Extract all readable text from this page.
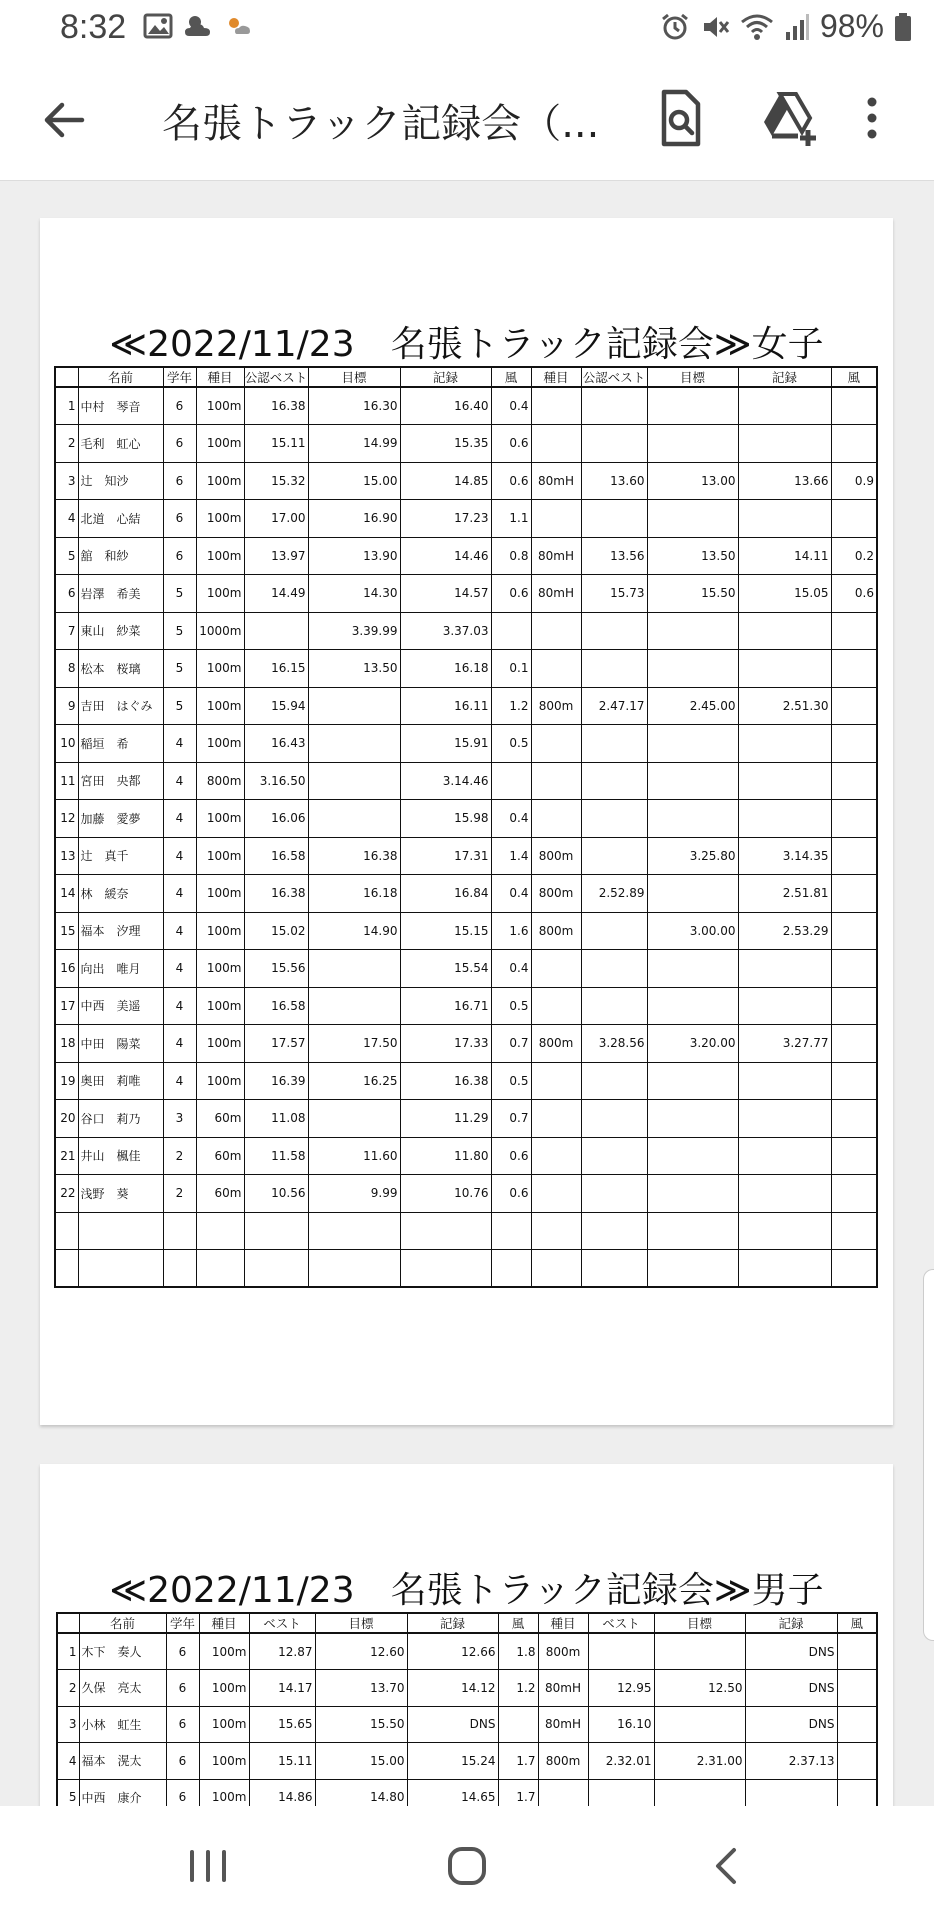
8:32	98%
名張トラック記録会（...
≪2022/11/23　名張トラック記録会≫女子
	名前	学年	種目	公認ベスト	目標	記録	風	種目	公認ベスト	目標	記録	風
1	中村　琴音	6	100m	16.38	16.30	16.40	0.4					
2	毛利　虹心	6	100m	15.11	14.99	15.35	0.6					
3	辻　知沙	6	100m	15.32	15.00	14.85	0.6	80mH	13.60	13.00	13.66	0.9
4	北道　心結	6	100m	17.00	16.90	17.23	1.1					
5	舘　和紗	6	100m	13.97	13.90	14.46	0.8	80mH	13.56	13.50	14.11	0.2
6	岩澤　希美	5	100m	14.49	14.30	14.57	0.6	80mH	15.73	15.50	15.05	0.6
7	東山　紗菜	5	1000m		3.39.99	3.37.03						
8	松本　桜璃	5	100m	16.15	13.50	16.18	0.1					
9	吉田　はぐみ	5	100m	15.94		16.11	1.2	800m	2.47.17	2.45.00	2.51.30	
10	稲垣　希	4	100m	16.43		15.91	0.5					
11	宮田　央都	4	800m	3.16.50		3.14.46						
12	加藤　愛夢	4	100m	16.06		15.98	0.4					
13	辻　真千	4	100m	16.58	16.38	17.31	1.4	800m		3.25.80	3.14.35	
14	林　緩奈	4	100m	16.38	16.18	16.84	0.4	800m	2.52.89		2.51.81	
15	福本　汐理	4	100m	15.02	14.90	15.15	1.6	800m		3.00.00	2.53.29	
16	向出　唯月	4	100m	15.56		15.54	0.4					
17	中西　美遥	4	100m	16.58		16.71	0.5					
18	中田　陽菜	4	100m	17.57	17.50	17.33	0.7	800m	3.28.56	3.20.00	3.27.77	
19	奥田　莉唯	4	100m	16.39	16.25	16.38	0.5					
20	谷口　莉乃	3	60m	11.08		11.29	0.7					
21	井山　楓佳	2	60m	11.58	11.60	11.80	0.6					
22	浅野　葵	2	60m	10.56	9.99	10.76	0.6					

≪2022/11/23　名張トラック記録会≫男子
	名前	学年	種目	ベスト	目標	記録	風	種目	ベスト	目標	記録	風
1	木下　奏人	6	100m	12.87	12.60	12.66	1.8	800m			DNS	
2	久保　亮太	6	100m	14.17	13.70	14.12	1.2	80mH	12.95	12.50	DNS	
3	小林　虹生	6	100m	15.65	15.50	DNS		80mH	16.10		DNS	
4	福本　滉太	6	100m	15.11	15.00	15.24	1.7	800m	2.32.01	2.31.00	2.37.13	
5	中西　康介	6	100m	14.86	14.80	14.65	1.7					
